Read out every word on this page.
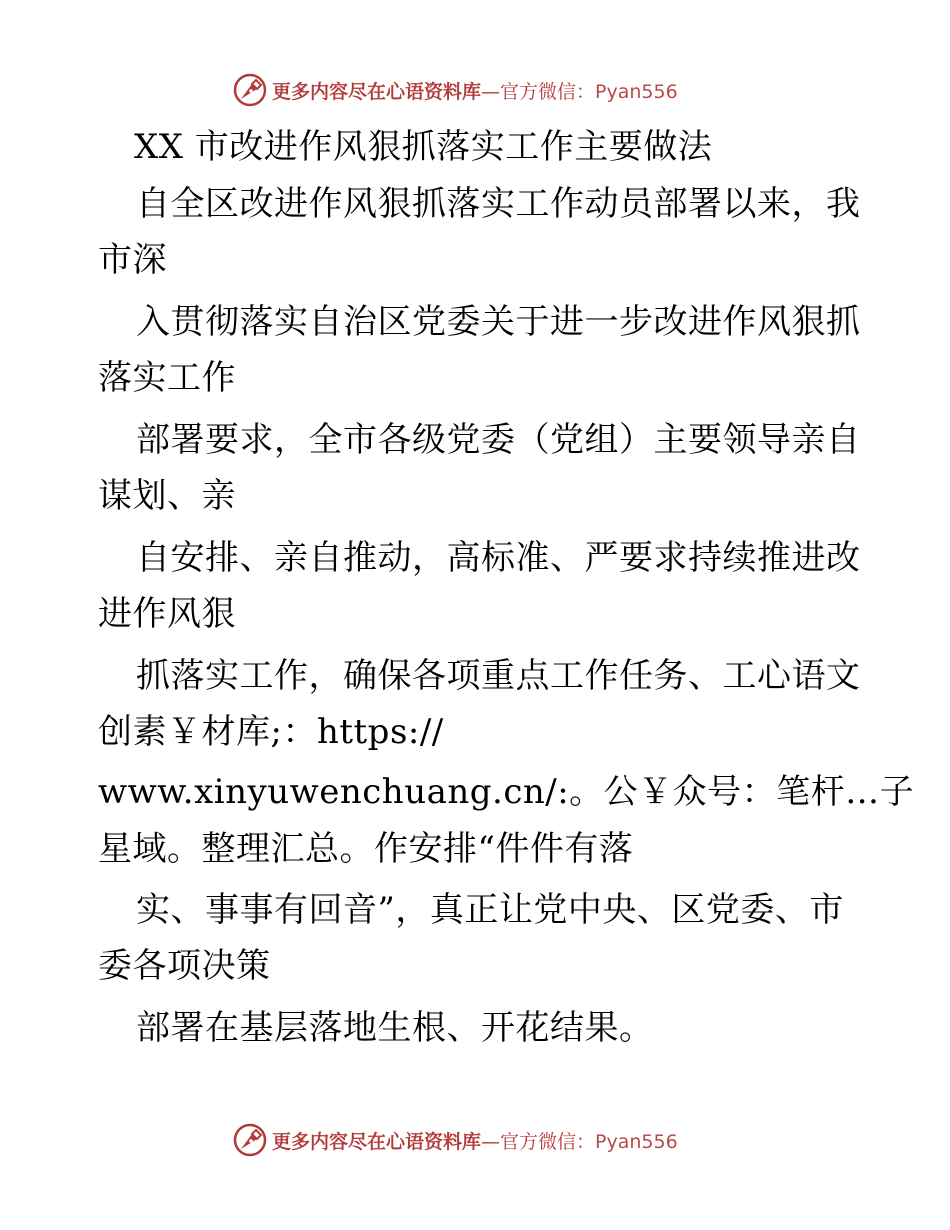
更多内容尽在心语资料库—官方微信：Pyan556
XX 市改进作风狠抓落实工作主要做法
自全区改进作风狠抓落实工作动员部署以来，我
市深
入贯彻落实自治区党委关于进一步改进作风狠抓
落实工作
部署要求，全市各级党委（党组）主要领导亲自
谋划、亲
自安排、亲自推动，高标准、严要求持续推进改
进作风狠
抓落实工作，确保各项重点工作任务、工心语文
创素￥材库;：https://
www.xinyuwenchuang.cn/:。公￥众号：笔杆…子
星域。整理汇总。作安排“件件有落
实、事事有回音”，真正让党中央、区党委、市
委各项决策
部署在基层落地生根、开花结果。
更多内容尽在心语资料库—官方微信：Pyan556
